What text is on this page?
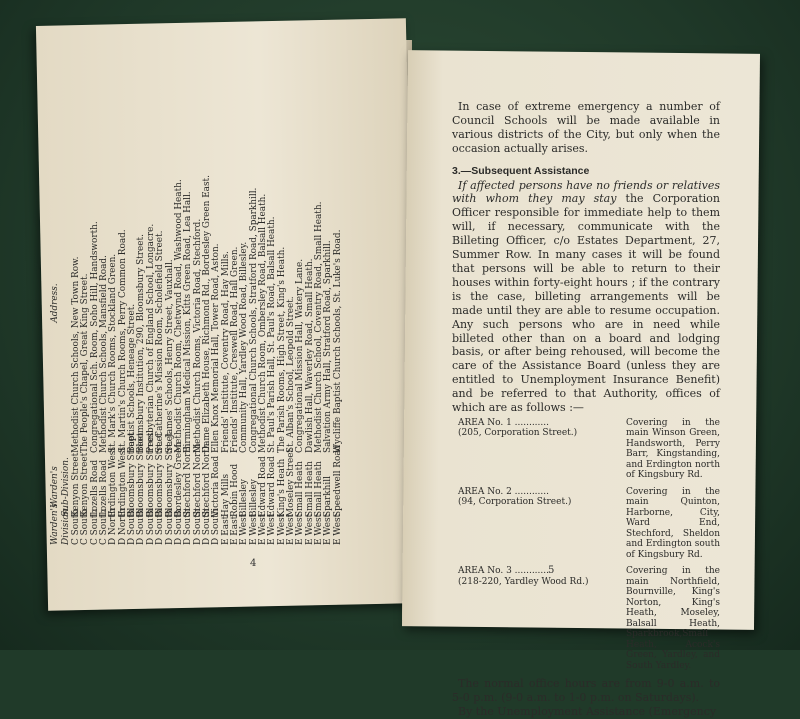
Warden's Division.
Warden's Sub-Division.
Address.
C South
Kenyon Street
Methodist Church Schools, New Town Row.
C South
Kenyon Street
The People's Chapel, Great King Street.
C South
Lozells Road
Congregational Sch. Room, Soho Hill, Handsworth.
C South
Lozells Road
Methodist Church Schools, Mansfield Road.
D North
Erdington West
St. Mark's Church Rooms, Stockland Green.
D North
Erdington West
St. Martin's Church Rooms, Perry Common Road.
D South
Bloomsbury Street
Baptist Schools, Heneage Street.
D South
Bloomsbury Street
Bloomsbury Institution, 290, Bloomsbury Street.
D South
Bloomsbury Street
Presbyterian Church of England School, Longacre.
D South
Bloomsbury Street
St. Catherine's Mission Room, Scholefield Street.
D South
Bloomsbury Street
St. James' Schools, Henry Street, Vauxhall.
D South
Bordesley Green
Methodist Church Room, Chetwynd Road, Washwood Heath.
D South
Stechford North
Birmingham Medical Mission, Kitts Green Road, Lea Hall.
D South
Stechford North
Methodist Church Rooms, Victoria Road, Stechford.
D South
Stechford North
Dame Elizabeth House, Richmond Rd., Bordesley Green East.
D South
Victoria Road
Ellen Knox Memorial Hall, Tower Road, Aston.
E East
Hay Mills
Friends' Institute, Coventry Road, Hay Mills.
E East
Robin Hood
Friends' Institute, Creswell Road, Hall Green.
E West
Billesley
Community Hall, Yardley Wood Road, Billesley.
E West
Billesley
Congregational Church Schools, Stratford Road, Sparkhill.
E West
Edward Road
Methodist Church Room, Ombersley Road, Balsall Heath.
E West
Edward Road
St. Paul's Parish Hall, St. Paul's Road, Balsall Heath.
E West
King's Heath
The Parish Rooms, High Street, King's Heath.
E West
Moseley Street
St. Alban's School, Leopold Street.
E West
Small Heath
Congregational Mission Hall, Watery Lane.
E West
Small Heath
Dawlish Hall, Waverley Road, Small Heath.
E West
Small Heath
Methodist Church School, Coventry Road, Small Heath.
E West
Sparkhill
Salvation Army Hall, Stratford Road, Sparkhill.
E West
Speedwell Road
Wycliffe Baptist Church Schools, St. Luke's Road.
4

In case of extreme emergency a number of Council Schools will be made available in various districts of the City, but only when the occasion actually arises.

3.—Subsequent Assistance

If affected persons have no friends or relatives with whom they may stay the Corporation Officer responsible for immediate help to them will, if necessary, communicate with the Billeting Officer, c/o Estates Department, 27, Summer Row. In many cases it will be found that persons will be able to return to their houses within forty-eight hours ; if the contrary is the case, billeting arrangements will be made until they are able to resume occupation. Any such persons who are in need while billeted other than on a board and lodging basis, or after being rehoused, will become the care of the Assistance Board (unless they are entitled to Unemployment Insurance Benefit) and be referred to that Authority, offices of which are as follows :—

AREA No. 1 ............
(205, Corporation Street.)
Covering in the main Winson Green, Handsworth, Perry Barr, Kingstanding, and Erdington north of Kingsbury Rd.
AREA No. 2 ............
(94, Corporation Street.)
Covering in the main Quinton, Harborne, City, Ward End, Stechford, Sheldon and Erdington south of Kingsbury Rd.
AREA No. 3 ............
(218-220, Yardley Wood Rd.)
Covering in the main Northfield, Bournville, King's Norton, King's Heath, Moseley, Balsall Heath, Sparkbrook,Small Heath, Acock's Green, Yardley, and South Yardley.

The normal office hours are from 9-0 a.m. to 5-0 p.m. (9-0 a.m. to 1-0 p.m. on Saturdays).

By the Unemployment Assistance (Emergency

5
